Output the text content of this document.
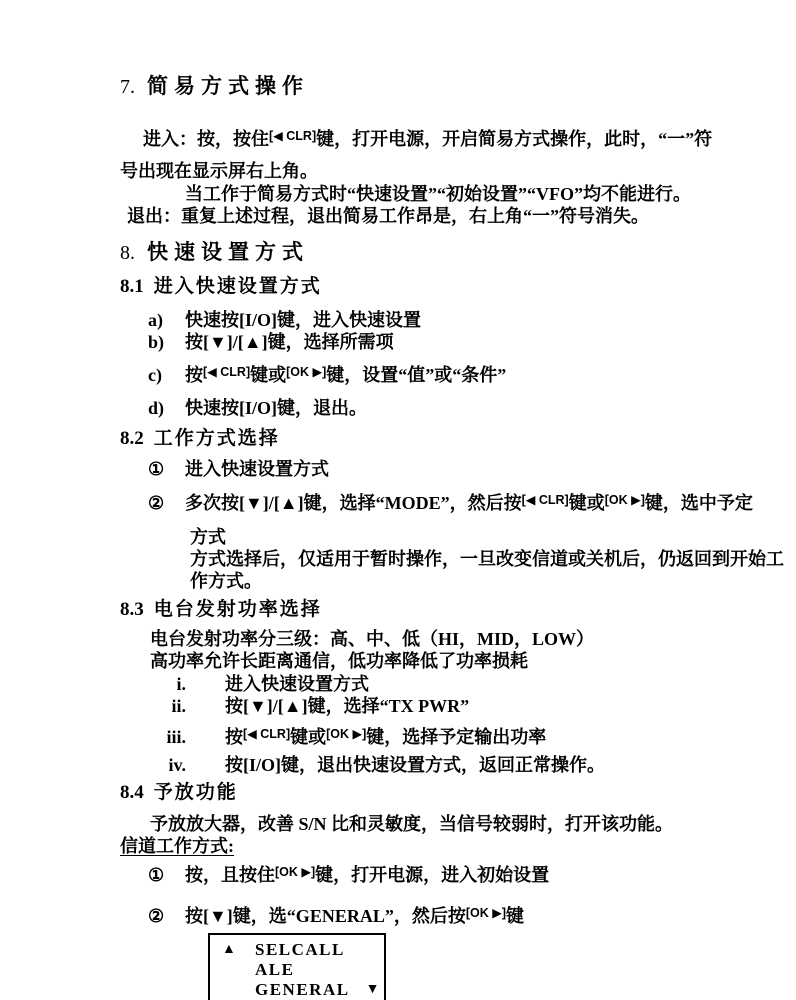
7. 简易方式操作
进入：按，按住[◀ CLR]键，打开电源，开启简易方式操作，此时，“一”符
号出现在显示屏右上角。
当工作于简易方式时“快速设置”“初始设置”“VFO”均不能进行。
退出：重复上述过程，退出简易工作昂是，右上角“一”符号消失。
8. 快速设置方式
8.1 进入快速设置方式
a) 快速按[I/O]键，进入快速设置
b) 按[▼]/[▲]键，选择所需项
c) 按[◀ CLR]键或[OK ▶]键，设置“值”或“条件”
d) 快速按[I/O]键，退出。
8.2 工作方式选择
① 进入快速设置方式
② 多次按[▼]/[▲]键，选择“MODE”，然后按[◀ CLR]键或[OK ▶]键，选中予定
方式
方式选择后，仅适用于暂时操作，一旦改变信道或关机后，仍返回到开始工
作方式。
8.3 电台发射功率选择
电台发射功率分三级：高、中、低（HI，MID，LOW）
高功率允许长距离通信，低功率降低了功率损耗
i. 进入快速设置方式
ii. 按[▼]/[▲]键，选择“TX PWR”
iii. 按[◀ CLR]键或[OK ▶]键，选择予定输出功率
iv. 按[I/O]键，退出快速设置方式，返回正常操作。
8.4 予放功能
予放放大器，改善 S/N 比和灵敏度，当信号较弱时，打开该功能。
信道工作方式:
① 按，且按住[OK ▶]键，打开电源，进入初始设置
② 按[▼]键，选“GENERAL”，然后按[OK ▶]键
▲	SELCALL
ALE
GENERAL ▼
